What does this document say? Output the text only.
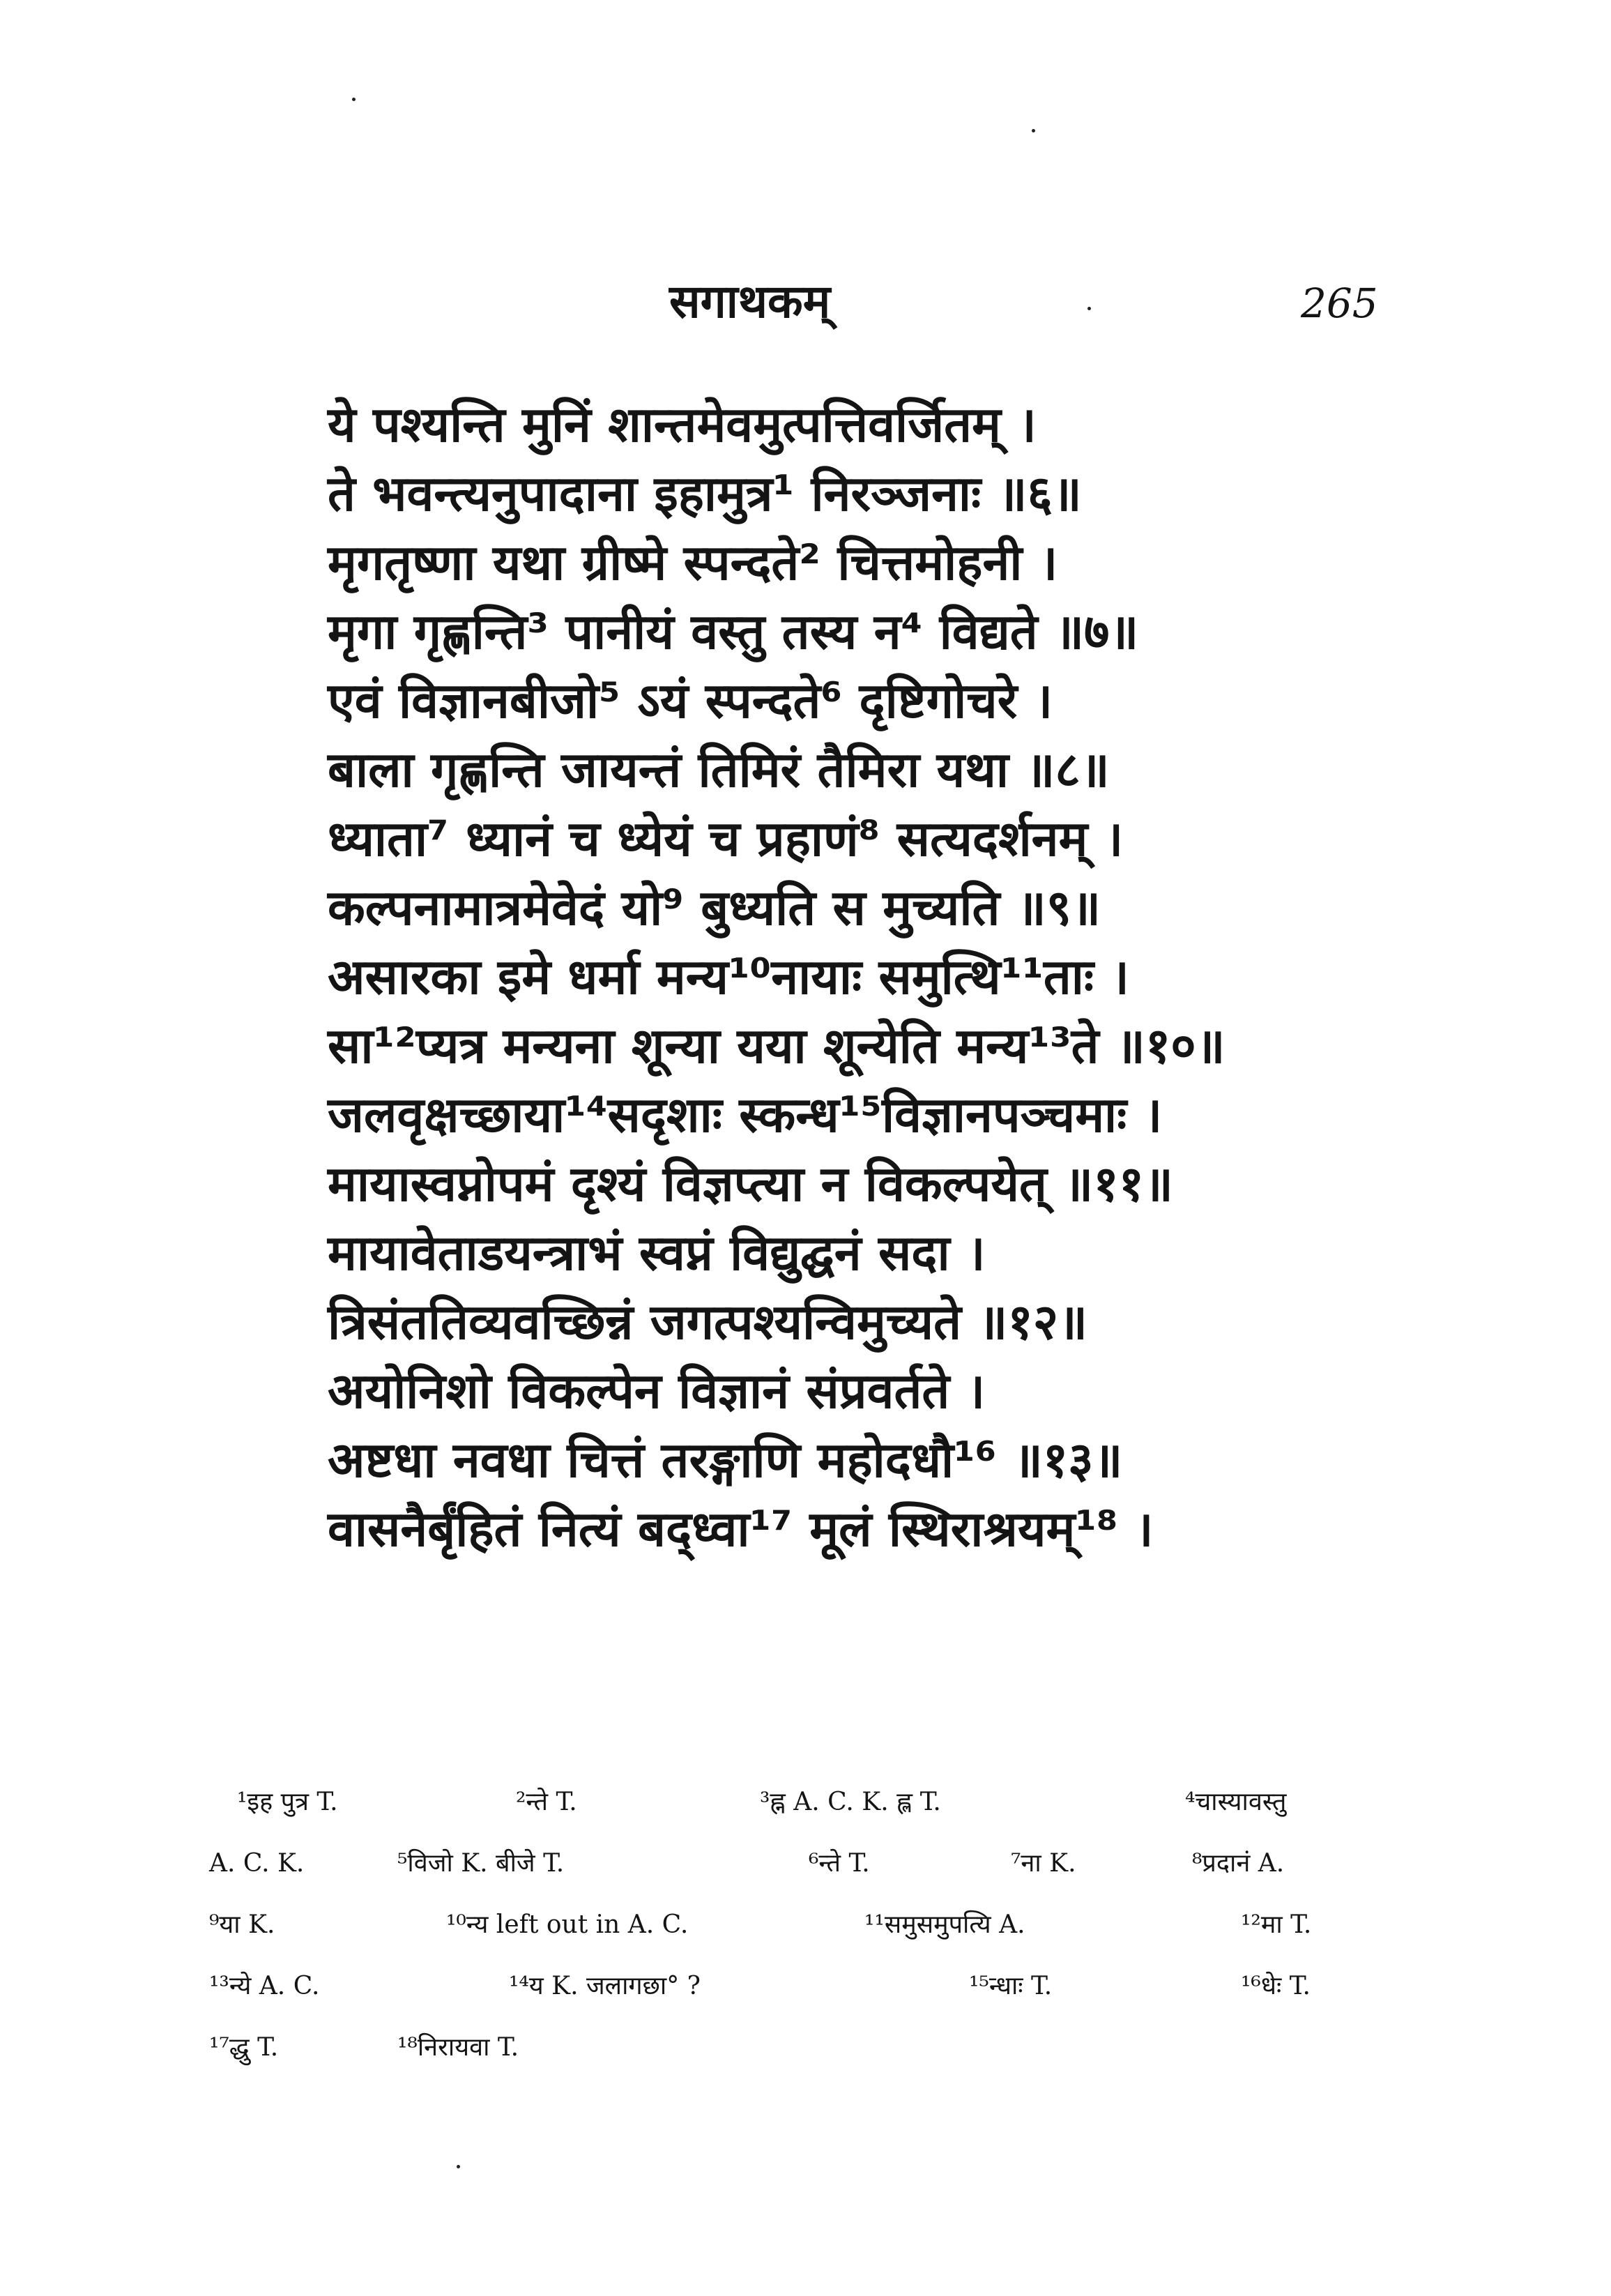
सगाथकम्	265
ये पश्यन्ति मुनिं शान्तमेवमुत्पत्तिवर्जितम् ।
ते भवन्त्यनुपादाना इहामुत्र¹ निरञ्जनाः ॥६॥
मृगतृष्णा यथा ग्रीष्मे स्पन्दते² चित्तमोहनी ।
मृगा गृह्णन्ति³ पानीयं वस्तु तस्य न⁴ विद्यते ॥७॥
एवं विज्ञानबीजो⁵ ऽयं स्पन्दते⁶ दृष्टिगोचरे ।
बाला गृह्णन्ति जायन्तं तिमिरं तैमिरा यथा ॥८॥
ध्याता⁷ ध्यानं च ध्येयं च प्रहाणं⁸ सत्यदर्शनम् ।
कल्पनामात्रमेवेदं यो⁹ बुध्यति स मुच्यति ॥९॥
असारका इमे धर्मा मन्य¹⁰नायाः समुत्थि¹¹ताः ।
सा¹²प्यत्र मन्यना शून्या यया शून्येति मन्य¹³ते ॥१०॥
जलवृक्षच्छाया¹⁴सदृशाः स्कन्ध¹⁵विज्ञानपञ्चमाः ।
मायास्वप्नोपमं दृश्यं विज्ञप्त्या न विकल्पयेत् ॥११॥
मायावेताडयन्त्राभं स्वप्नं विद्युद्घनं सदा ।
त्रिसंततिव्यवच्छिन्नं जगत्पश्यन्विमुच्यते ॥१२॥
अयोनिशो विकल्पेन विज्ञानं संप्रवर्तते ।
अष्टधा नवधा चित्तं तरङ्गाणि महोदधौ¹⁶ ॥१३॥
वासनैर्बृंहितं नित्यं बद्ध्वा¹⁷ मूलं स्थिराश्रयम्¹⁸ ।
¹इह पुत्र T.	²न्ते T.	³ह्न A. C. K. ह्ल T.	⁴चास्यावस्तु
A. C. K.	⁵विजो K. बीजे T.	⁶न्ते T.	⁷ना K.	⁸प्रदानं A.
⁹या K.	¹⁰न्य left out in A. C.	¹¹समुसमुपत्यि A.	¹²मा T.
¹³न्ये A. C.	¹⁴य K. जलागछा° ?	¹⁵न्धाः T.	¹⁶धेः T.
¹⁷द्धु T.	¹⁸निरायवा T.
